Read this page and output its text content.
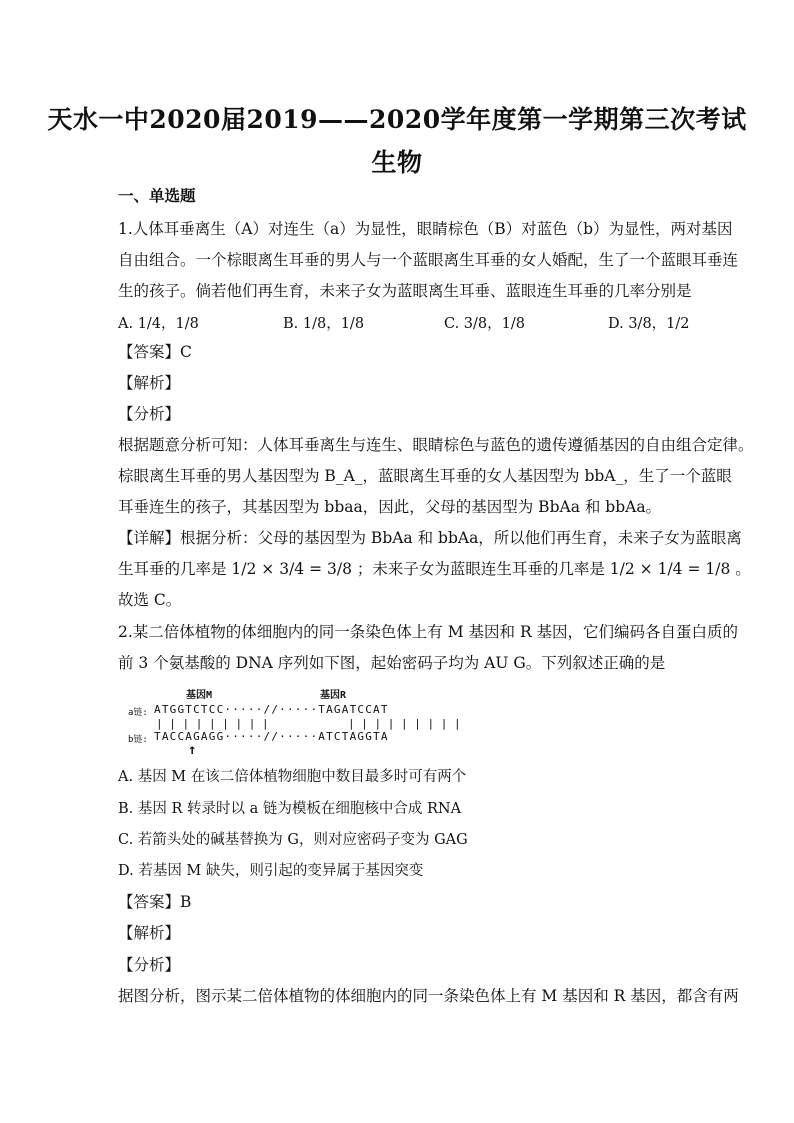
天水一中2020届2019——2020学年度第一学期第三次考试
生物
一、单选题
1.人体耳垂离生（A）对连生（a）为显性，眼睛棕色（B）对蓝色（b）为显性，两对基因
自由组合。一个棕眼离生耳垂的男人与一个蓝眼离生耳垂的女人婚配，生了一个蓝眼耳垂连
生的孩子。倘若他们再生育，未来子女为蓝眼离生耳垂、蓝眼连生耳垂的几率分别是
A. 1/4，1/8	B. 1/8，1/8	C. 3/8，1/8	D. 3/8，1/2
【答案】C
【解析】
【分析】
根据题意分析可知：人体耳垂离生与连生、眼睛棕色与蓝色的遗传遵循基因的自由组合定律。
棕眼离生耳垂的男人基因型为 B_A_，蓝眼离生耳垂的女人基因型为 bbA_，生了一个蓝眼
耳垂连生的孩子，其基因型为 bbaa，因此，父母的基因型为 BbAa 和 bbAa。
【详解】根据分析：父母的基因型为 BbAa 和 bbAa，所以他们再生育，未来子女为蓝眼离
生耳垂的几率是 1/2 × 3/4 = 3/8 ；未来子女为蓝眼连生耳垂的几率是 1/2 × 1/4 = 1/8 。
故选 C。
2.某二倍体植物的体细胞内的同一条染色体上有 M 基因和 R 基因，它们编码各自蛋白质的
前 3 个氨基酸的 DNA 序列如下图，起始密码子均为 AU G。下列叙述正确的是
基因M	基因R
a链: ATGGTCTCC·····//·····TAGATCCAT
| | | | | | | | |            | | | | | | | | |
b链: TACCAGAGG·····//·····ATCTAGGTA
↑
A. 基因 M 在该二倍体植物细胞中数目最多时可有两个
B. 基因 R 转录时以 a 链为模板在细胞核中合成 RNA
C. 若箭头处的碱基替换为 G，则对应密码子变为 GAG
D. 若基因 M 缺失，则引起的变异属于基因突变
【答案】B
【解析】
【分析】
据图分析，图示某二倍体植物的体细胞内的同一条染色体上有 M 基因和 R 基因，都含有两
